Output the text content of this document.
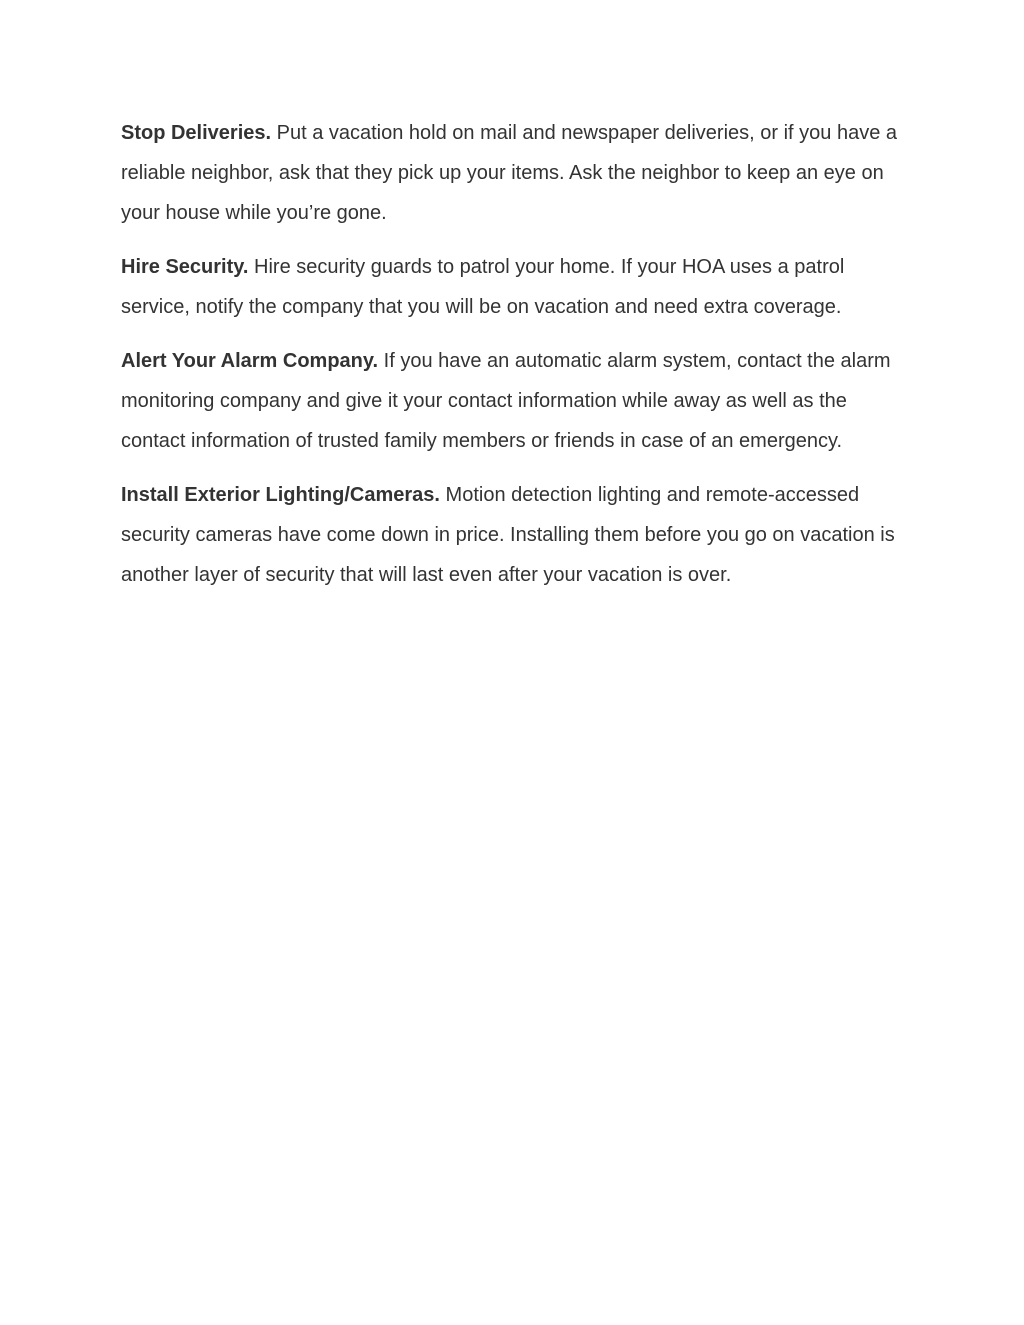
Stop Deliveries. Put a vacation hold on mail and newspaper deliveries, or if you have a reliable neighbor, ask that they pick up your items. Ask the neighbor to keep an eye on your house while you’re gone.

Hire Security. Hire security guards to patrol your home. If your HOA uses a patrol service, notify the company that you will be on vacation and need extra coverage.

Alert Your Alarm Company. If you have an automatic alarm system, contact the alarm monitoring company and give it your contact information while away as well as the contact information of trusted family members or friends in case of an emergency.

Install Exterior Lighting/Cameras. Motion detection lighting and remote-accessed security cameras have come down in price. Installing them before you go on vacation is another layer of security that will last even after your vacation is over.
